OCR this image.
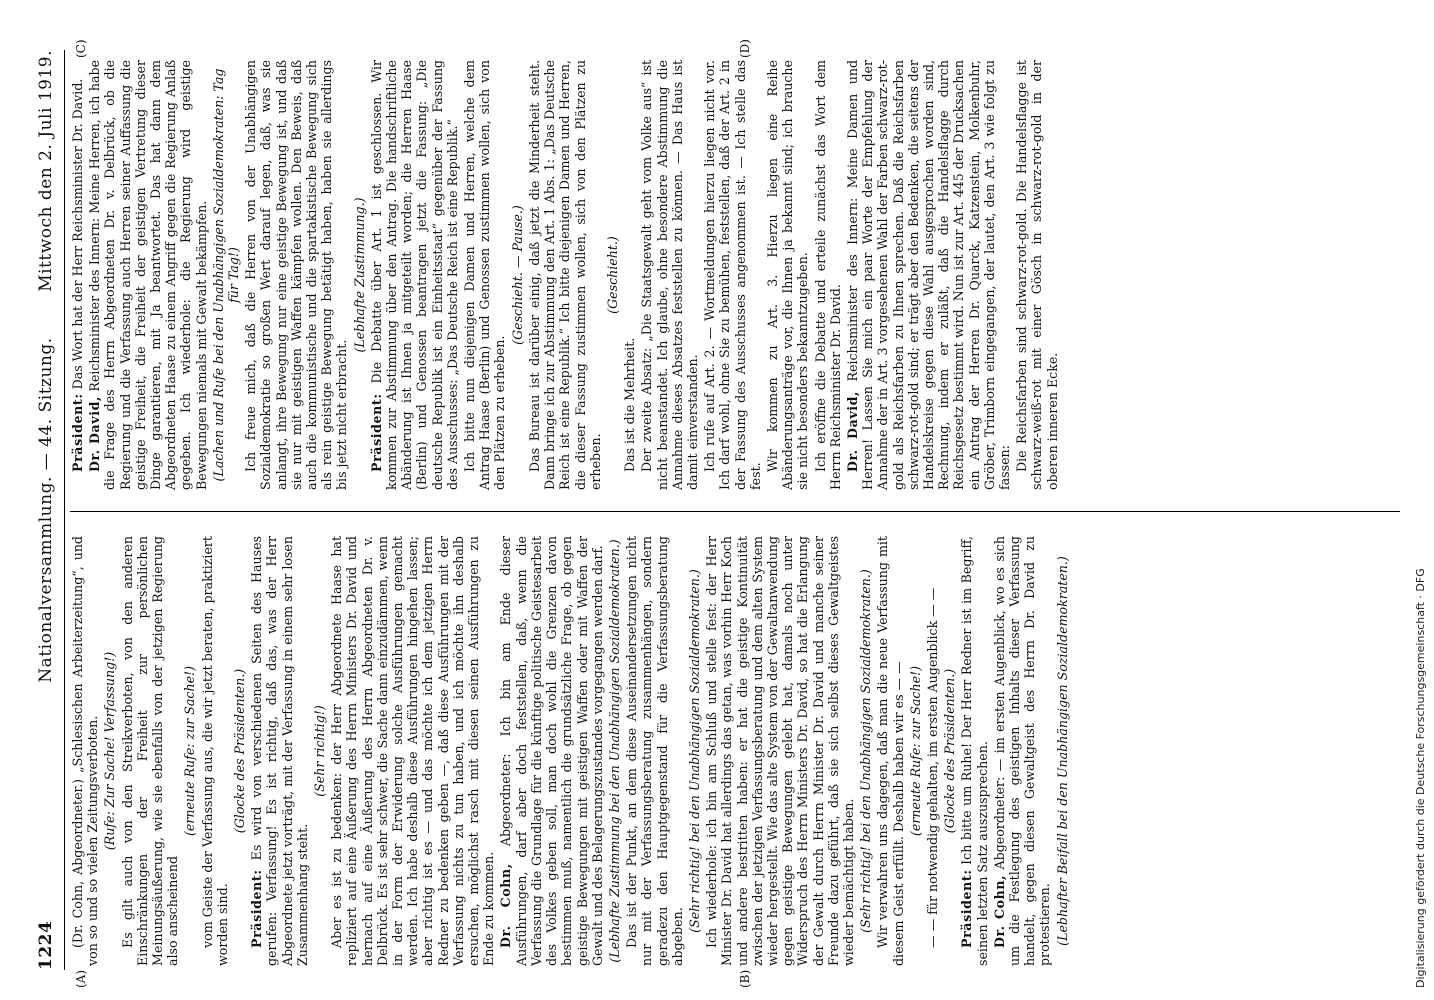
1224
Nationalversammlung. — 44. Sitzung.
Mittwoch den 2. Juli 1919.
(A)	(B)
(C)	(D)
(Dr. Cohn, Abgeordneter.) „Schlesischen Arbeiterzeitung“, und von so und so vielen Zeitungsverboten. (Rufe: Zur Sache! Verfassung!) Es gilt auch von den Streikverboten, von den anderen Einschränkungen der Freiheit zur persönlichen Meinungsäußerung, wie sie ebenfalls von der jetzigen Regierung also anscheinend
(erneute Rufe: zur Sache!) vom Geiste der Verfassung aus, die wir jetzt beraten, praktiziert worden sind.
(Glocke des Präsidenten.)
Präsident: Es wird von verschiedenen Seiten des Hauses gerufen: Verfassung! Es ist richtig, daß das, was der Herr Abgeordnete jetzt vorträgt, mit der Verfassung in einem sehr losen Zusammenhang steht.
(Sehr richtig!) Aber es ist zu bedenken: der Herr Abgeordnete Haase hat repliziert auf eine Äußerung des Herrn Ministers Dr. David und hernach auf eine Äußerung des Herrn Abgeordneten Dr. v. Delbrück. Es ist sehr schwer, die Sache dann einzudämmen, wenn in der Form der Erwiderung solche Ausführungen gemacht werden. Ich habe deshalb diese Ausführungen hingehen lassen; aber richtig ist es — und das möchte ich dem jetzigen Herrn Redner zu bedenken geben —, daß diese Ausführungen mit der Verfassung nichts zu tun haben, und ich möchte ihn deshalb ersuchen, möglichst rasch mit diesen seinen Ausführungen zu Ende zu kommen. Dr. Cohn, Abgeordneter: Ich bin am Ende dieser Ausführungen, darf aber doch feststellen, daß, wenn die Verfassung die Grundlage für die künftige politische Geistesarbeit des Volkes geben soll, man doch wohl die Grenzen davon bestimmen muß, namentlich die grundsätzliche Frage, ob gegen geistige Bewegungen mit geistigen Waffen oder mit Waffen der Gewalt und des Belagerungszustandes vorgegangen werden darf. (Lebhafte Zustimmung bei den Unabhängigen Sozialdemokraten.) Das ist der Punkt, an dem diese Auseinandersetzungen nicht nur mit der Verfassungsberatung zusammenhängen, sondern geradezu den Hauptgegenstand für die Verfassungsberatung abgeben.
(Sehr richtig! bei den Unabhängigen Sozialdemokraten.) Ich wiederhole: ich bin am Schluß und stelle fest: der Herr Minister Dr. David hat allerdings das getan, was vorhin Herr Koch und andere bestritten haben: er hat die geistige Kontinuität zwischen der jetzigen Verfassungsberatung und dem alten System wieder hergestellt. Wie das alte System von der Gewaltanwendung gegen geistige Bewegungen gelebt hat, damals noch unter Widerspruch des Herrn Ministers Dr. David, so hat die Erlangung der Gewalt durch Herrn Minister Dr. David und manche seiner Freunde dazu geführt, daß sie sich selbst dieses Gewaltgeistes wieder bemächtigt haben. (Sehr richtig! bei den Unabhängigen Sozialdemokraten.) Wir verwahren uns dagegen, daß man die neue Verfassung mit diesem Geist erfüllt. Deshalb haben wir es — — (erneute Rufe: zur Sache!) — — für notwendig gehalten, im ersten Augenblick — — (Glocke des Präsidenten.)
Präsident: Ich bitte um Ruhe! Der Herr Redner ist im Begriff, seinen letzten Satz auszusprechen. Dr. Cohn, Abgeordneter: — im ersten Augenblick, wo es sich um die Festlegung des geistigen Inhalts dieser Verfassung handelt, gegen diesen Gewaltgeist des Herrn Dr. David zu protestieren. (Lebhafter Beifall bei den Unabhängigen Sozialdemokraten.)
Präsident: Das Wort hat der Herr Reichsminister Dr. David.
Dr. David, Reichsminister des Innern: Meine Herren, ich habe die Frage des Herrn Abgeordneten Dr. v. Delbrück, ob die Regierung und die Verfassung auch Herren seiner Auffassung die geistige Freiheit, die Freiheit der geistigen Vertretung dieser Dinge garantieren, mit Ja beantwortet. Das hat dann dem Abgeordneten Haase zu einem Angriff gegen die Regierung Anlaß gegeben. Ich wiederhole: die Regierung wird geistige Bewegungen niemals mit Gewalt bekämpfen. (Lachen und Rufe bei den Unabhängigen Sozialdemokraten: Tag für Tag!) Ich freue mich, daß die Herren von der Unabhängigen Sozialdemokratie so großen Wert darauf legen, daß, was sie anlangt, ihre Bewegung nur eine geistige Bewegung ist, und daß sie nur mit geistigen Waffen kämpfen wollen. Den Beweis, daß auch die kommunistische und die spartakistische Bewegung sich als rein geistige Bewegung betätigt haben, haben sie allerdings bis jetzt nicht erbracht.
(Lebhafte Zustimmung.)
Präsident: Die Debatte über Art. 1 ist geschlossen. Wir kommen zur Abstimmung über den Antrag. Die handschriftliche Abänderung ist Ihnen ja mitgeteilt worden; die Herren Haase (Berlin) und Genossen beantragen jetzt die Fassung: „Die deutsche Republik ist ein Einheitsstaat“ gegenüber der Fassung des Ausschusses: „Das Deutsche Reich ist eine Republik.“ Ich bitte nun diejenigen Damen und Herren, welche dem Antrag Haase (Berlin) und Genossen zustimmen wollen, sich von den Plätzen zu erheben.
(Geschieht. — Pause.) Das Bureau ist darüber einig, daß jetzt die Minderheit steht. Dann bringe ich zur Abstimmung den Art. 1 Abs. 1: „Das Deutsche Reich ist eine Republik.“ Ich bitte diejenigen Damen und Herren, die dieser Fassung zustimmen wollen, sich von den Plätzen zu erheben.
(Geschieht.)
Das ist die Mehrheit. Der zweite Absatz: „Die Staatsgewalt geht vom Volke aus“ ist nicht beanstandet. Ich glaube, ohne besondere Abstimmung die Annahme dieses Absatzes feststellen zu können. — Das Haus ist damit einverstanden. Ich rufe auf Art. 2. — Wortmeldungen hierzu liegen nicht vor. Ich darf wohl, ohne Sie zu bemühen, feststellen, daß der Art. 2 in der Fassung des Ausschusses angenommen ist. — Ich stelle das fest.
Wir kommen zu Art. 3. Hierzu liegen eine Reihe Abänderungsanträge vor, die Ihnen ja bekannt sind; ich brauche sie nicht besonders bekanntzugeben. Ich eröffne die Debatte und erteile zunächst das Wort dem Herrn Reichsminister Dr. David. Dr. David, Reichsminister des Innern: Meine Damen und Herren! Lassen Sie mich ein paar Worte der Empfehlung der Annahme der in Art. 3 vorgesehenen Wahl der Farben schwarz-rot-gold als Reichsfarben zu Ihnen sprechen. Daß die Reichsfarben schwarz-rot-gold sind; er trägt aber den Bedenken, die seitens der Handelskreise gegen diese Wahl ausgesprochen worden sind, Rechnung, indem er zuläßt, daß die Handelsflagge durch Reichsgesetz bestimmt wird. Nun ist zur Art. 445 der Drucksachen ein Antrag der Herren Dr. Quarck, Katzenstein, Molkenbuhr, Gröber, Trimborn eingegangen, der lautet, den Art. 3 wie folgt zu fassen: Die Reichsfarben sind schwarz-rot-gold. Die Handelsflagge ist schwarz-weiß-rot mit einer Gösch in schwarz-rot-gold in der oberen inneren Ecke.
Digitalisierung gefördert durch die Deutsche Forschungsgemeinschaft · DFG
